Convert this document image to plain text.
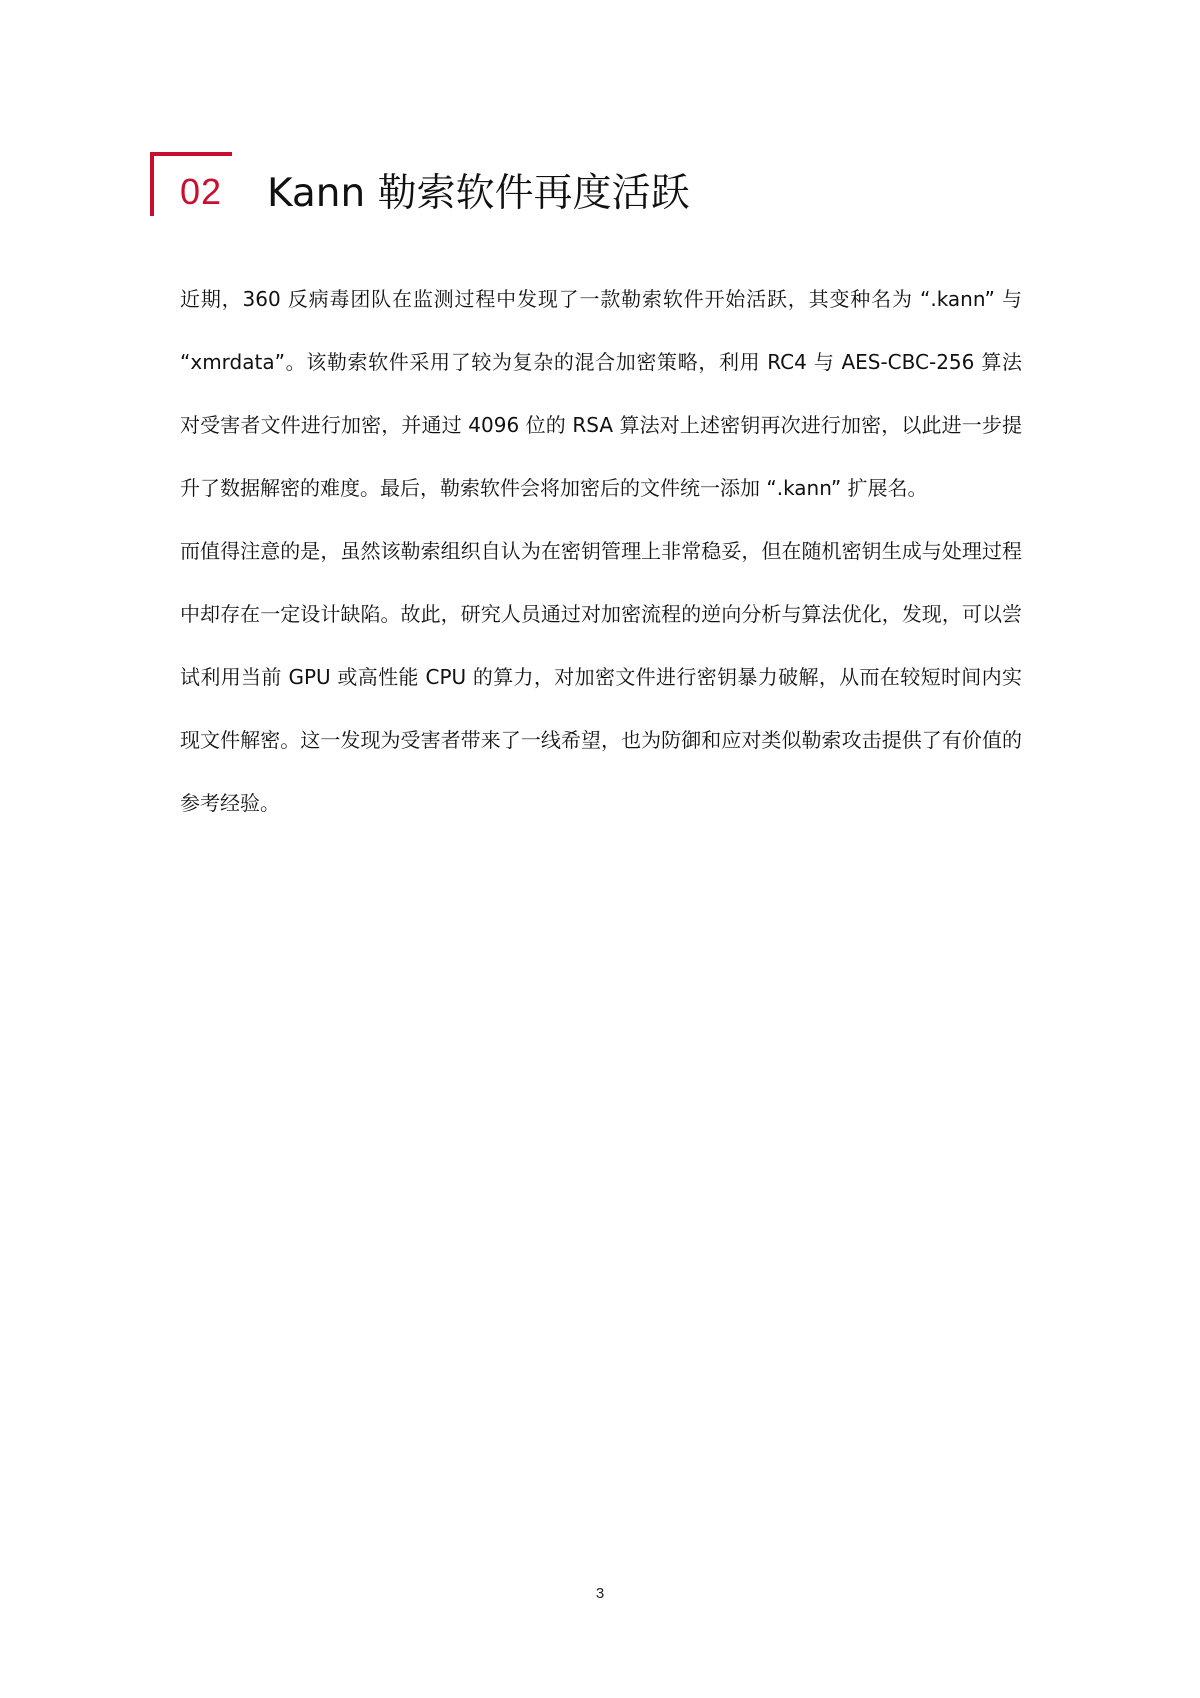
02 Kann 勒索软件再度活跃

近期，360 反病毒团队在监测过程中发现了一款勒索软件开始活跃，其变种名为 “.kann” 与 “xmrdata”。该勒索软件采用了较为复杂的混合加密策略，利用 RC4 与 AES-CBC-256 算法对受害者文件进行加密，并通过 4096 位的 RSA 算法对上述密钥再次进行加密，以此进一步提升了数据解密的难度。最后，勒索软件会将加密后的文件统一添加 “.kann” 扩展名。

而值得注意的是，虽然该勒索组织自认为在密钥管理上非常稳妥，但在随机密钥生成与处理过程中却存在一定设计缺陷。故此，研究人员通过对加密流程的逆向分析与算法优化，发现，可以尝试利用当前 GPU 或高性能 CPU 的算力，对加密文件进行密钥暴力破解，从而在较短时间内实现文件解密。这一发现为受害者带来了一线希望，也为防御和应对类似勒索攻击提供了有价值的参考经验。

3
